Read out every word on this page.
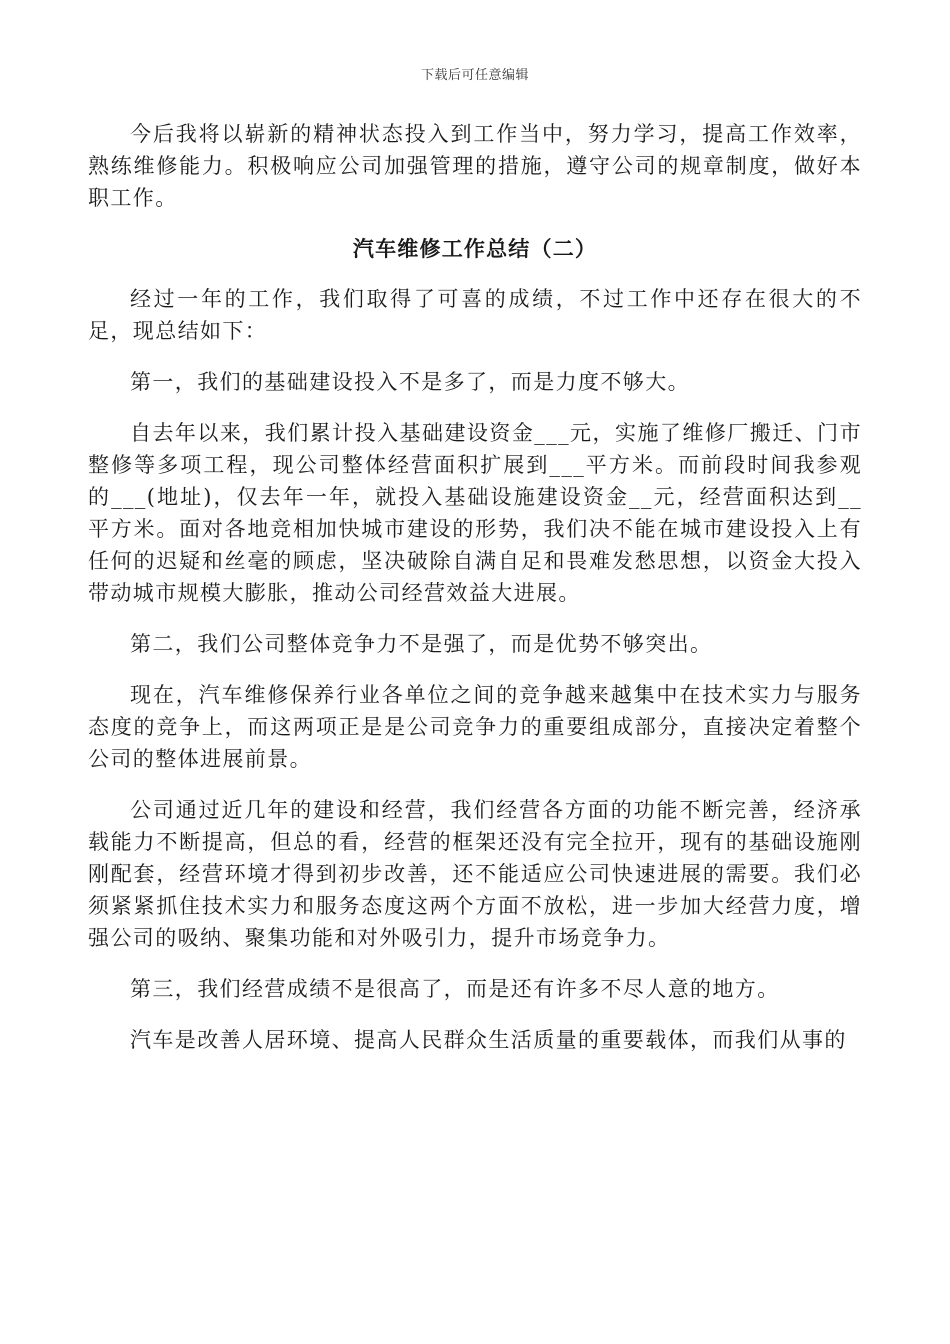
下载后可任意编辑

今后我将以崭新的精神状态投入到工作当中，努力学习，提高工作效率，熟练维修能力。积极响应公司加强管理的措施，遵守公司的规章制度，做好本职工作。

汽车维修工作总结（二）

经过一年的工作，我们取得了可喜的成绩，不过工作中还存在很大的不足，现总结如下：

第一，我们的基础建设投入不是多了，而是力度不够大。

自去年以来，我们累计投入基础建设资金___元，实施了维修厂搬迁、门市整修等多项工程，现公司整体经营面积扩展到___平方米。而前段时间我参观的___(地址)，仅去年一年，就投入基础设施建设资金__元，经营面积达到__平方米。面对各地竞相加快城市建设的形势，我们决不能在城市建设投入上有任何的迟疑和丝毫的顾虑，坚决破除自满自足和畏难发愁思想，以资金大投入带动城市规模大膨胀，推动公司经营效益大进展。

第二，我们公司整体竞争力不是强了，而是优势不够突出。

现在，汽车维修保养行业各单位之间的竞争越来越集中在技术实力与服务态度的竞争上，而这两项正是是公司竞争力的重要组成部分，直接决定着整个公司的整体进展前景。

公司通过近几年的建设和经营，我们经营各方面的功能不断完善，经济承载能力不断提高，但总的看，经营的框架还没有完全拉开，现有的基础设施刚刚配套，经营环境才得到初步改善，还不能适应公司快速进展的需要。我们必须紧紧抓住技术实力和服务态度这两个方面不放松，进一步加大经营力度，增强公司的吸纳、聚集功能和对外吸引力，提升市场竞争力。

第三，我们经营成绩不是很高了，而是还有许多不尽人意的地方。

汽车是改善人居环境、提高人民群众生活质量的重要载体，而我们从事的
